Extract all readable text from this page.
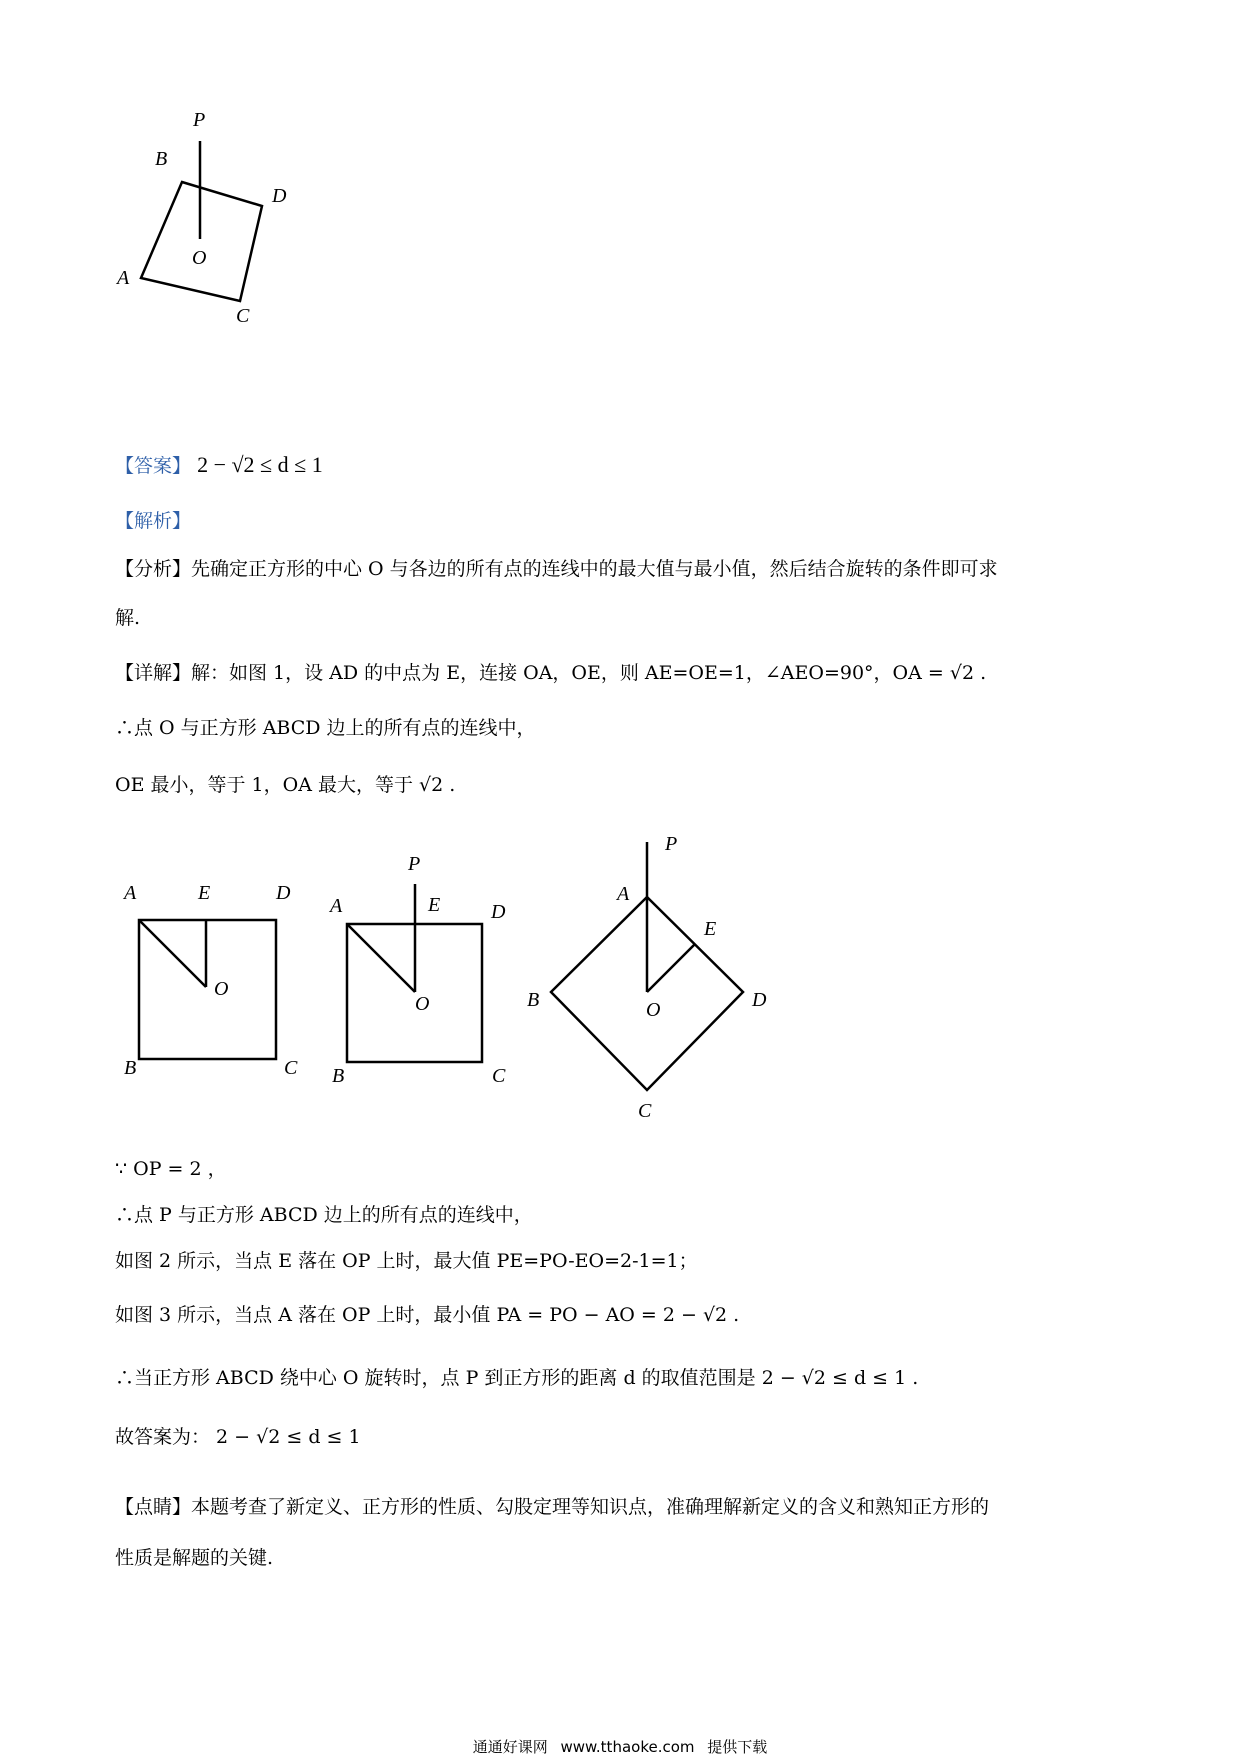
P
B
D
O
A
C
【答案】 2 − √2 ≤ d ≤ 1
【解析】
【分析】先确定正方形的中心 O 与各边的所有点的连线中的最大值与最小值，然后结合旋转的条件即可求
解.
【详解】解：如图 1，设 AD 的中点为 E，连接 OA，OE，则 AE=OE=1，∠AEO=90°，OA = √2 .
∴点 O 与正方形 ABCD 边上的所有点的连线中，
OE 最小，等于 1，OA 最大，等于 √2 .
A	E	D
O
B	C
P
A	E	D
O
B	C
P
A
E
B	O	D
C
∵ OP = 2 ，
∴点 P 与正方形 ABCD 边上的所有点的连线中，
如图 2 所示，当点 E 落在 OP 上时，最大值 PE=PO-EO=2-1=1；
如图 3 所示，当点 A 落在 OP 上时，最小值 PA = PO − AO = 2 − √2 .
∴当正方形 ABCD 绕中心 O 旋转时，点 P 到正方形的距离 d 的取值范围是 2 − √2 ≤ d ≤ 1 .
故答案为： 2 − √2 ≤ d ≤ 1
【点睛】本题考查了新定义、正方形的性质、勾股定理等知识点，准确理解新定义的含义和熟知正方形的
性质是解题的关键.
通通好课网 www.tthaoke.com 提供下载
